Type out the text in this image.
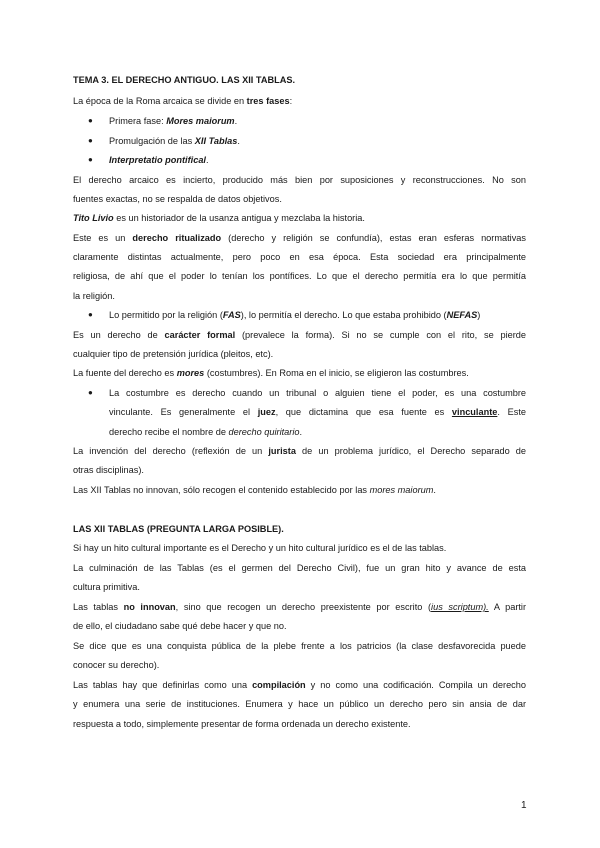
TEMA 3. EL DERECHO ANTIGUO. LAS XII TABLAS.
La época de la Roma arcaica se divide en tres fases:
● Primera fase: Mores maiorum.
● Promulgación de las XII Tablas.
● Interpretatio pontifical.
El derecho arcaico es incierto, producido más bien por suposiciones y reconstrucciones. No son
fuentes exactas, no se respalda de datos objetivos.
Tito Livio es un historiador de la usanza antigua y mezclaba la historia.
Este es un derecho ritualizado (derecho y religión se confundía), estas eran esferas normativas
claramente distintas actualmente, pero poco en esa época. Esta sociedad era principalmente
religiosa, de ahí que el poder lo tenían los pontífices. Lo que el derecho permitía era lo que permitía
la religión.
● Lo permitido por la religión (FAS), lo permitía el derecho. Lo que estaba prohibido (NEFAS)
Es un derecho de carácter formal (prevalece la forma). Si no se cumple con el rito, se pierde
cualquier tipo de pretensión jurídica (pleitos, etc).
La fuente del derecho es mores (costumbres). En Roma en el inicio, se eligieron las costumbres.
● La costumbre es derecho cuando un tribunal o alguien tiene el poder, es una costumbre
vinculante. Es generalmente el juez, que dictamina que esa fuente es vinculante. Este
derecho recibe el nombre de derecho quiritario.
La invención del derecho (reflexión de un jurista de un problema jurídico, el Derecho separado de
otras disciplinas).
Las XII Tablas no innovan, sólo recogen el contenido establecido por las mores maiorum.
LAS XII TABLAS (PREGUNTA LARGA POSIBLE).
Si hay un hito cultural importante es el Derecho y un hito cultural jurídico es el de las tablas.
La culminación de las Tablas (es el germen del Derecho Civil), fue un gran hito y avance de esta
cultura primitiva.
Las tablas no innovan, sino que recogen un derecho preexistente por escrito (ius scriptum). A partir
de ello, el ciudadano sabe qué debe hacer y que no.
Se dice que es una conquista pública de la plebe frente a los patricios (la clase desfavorecida puede
conocer su derecho).
Las tablas hay que definirlas como una compilación y no como una codificación. Compila un derecho
y enumera una serie de instituciones. Enumera y hace un público un derecho pero sin ansia de dar
respuesta a todo, simplemente presentar de forma ordenada un derecho existente.
1
